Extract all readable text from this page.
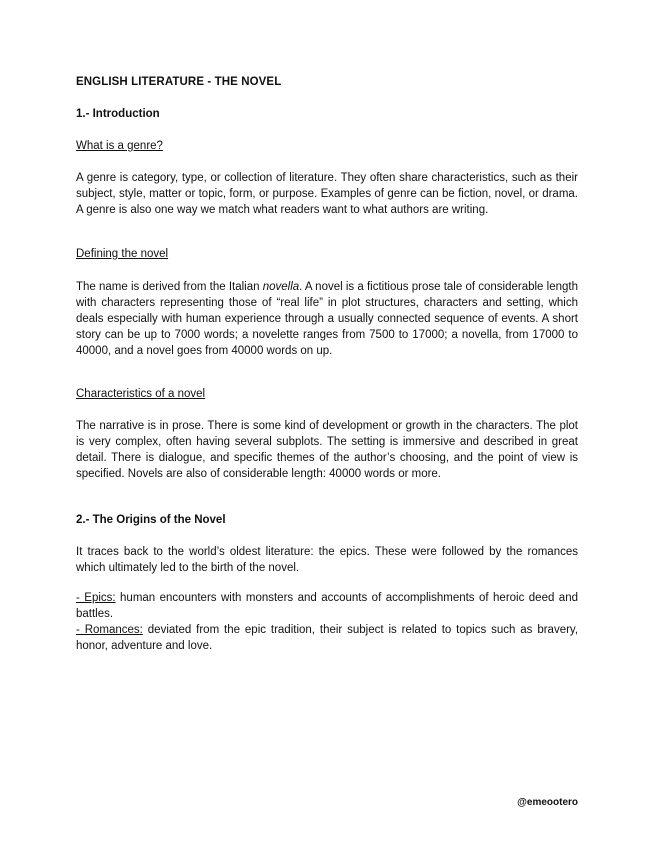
ENGLISH LITERATURE - THE NOVEL

1.- Introduction

What is a genre?

A genre is category, type, or collection of literature. They often share characteristics, such as their subject, style, matter or topic, form, or purpose. Examples of genre can be fiction, novel, or drama. A genre is also one way we match what readers want to what authors are writing.

Defining the novel

The name is derived from the Italian novella. A novel is a fictitious prose tale of considerable length with characters representing those of “real life” in plot structures, characters and setting, which deals especially with human experience through a usually connected sequence of events. A short story can be up to 7000 words; a novelette ranges from 7500 to 17000; a novella, from 17000 to 40000, and a novel goes from 40000 words on up.

Characteristics of a novel

The narrative is in prose. There is some kind of development or growth in the characters. The plot is very complex, often having several subplots. The setting is immersive and described in great detail. There is dialogue, and specific themes of the author’s choosing, and the point of view is specified. Novels are also of considerable length: 40000 words or more.

2.- The Origins of the Novel

It traces back to the world’s oldest literature: the epics. These were followed by the romances which ultimately led to the birth of the novel.

- Epics: human encounters with monsters and accounts of accomplishments of heroic deed and battles.

- Romances: deviated from the epic tradition, their subject is related to topics such as bravery, honor, adventure and love.

@emeootero
